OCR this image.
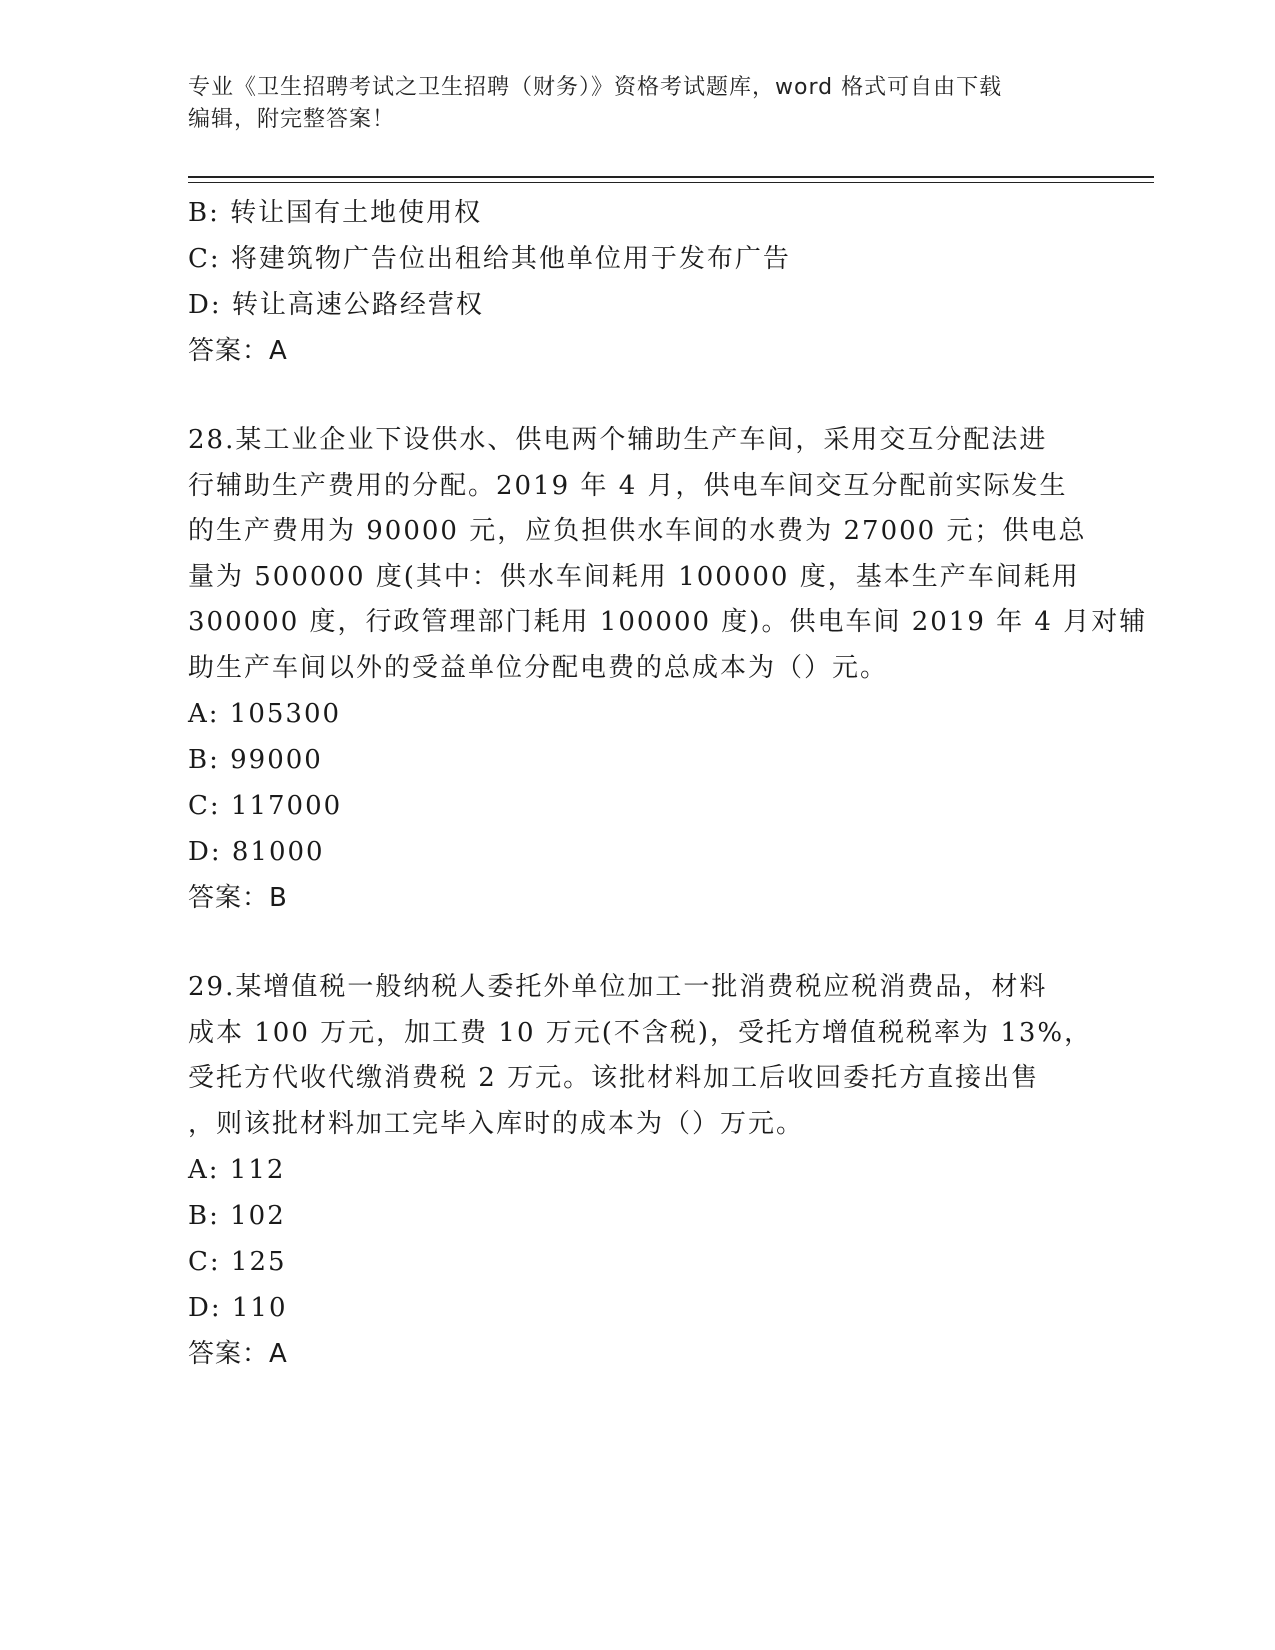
专业《卫生招聘考试之卫生招聘（财务）》资格考试题库，word 格式可自由下载
编辑，附完整答案！
B: 转让国有土地使用权
C: 将建筑物广告位出租给其他单位用于发布广告
D: 转让高速公路经营权
答案：A
28.某工业企业下设供水、供电两个辅助生产车间，采用交互分配法进
行辅助生产费用的分配。2019 年 4 月，供电车间交互分配前实际发生
的生产费用为 90000 元，应负担供水车间的水费为 27000 元；供电总
量为 500000 度(其中：供水车间耗用 100000 度，基本生产车间耗用
300000 度，行政管理部门耗用 100000 度)。供电车间 2019 年 4 月对辅
助生产车间以外的受益单位分配电费的总成本为（）元。
A: 105300
B: 99000
C: 117000
D: 81000
答案：B
29.某增值税一般纳税人委托外单位加工一批消费税应税消费品，材料
成本 100 万元，加工费 10 万元(不含税)，受托方增值税税率为 13%，
受托方代收代缴消费税 2 万元。该批材料加工后收回委托方直接出售
，则该批材料加工完毕入库时的成本为（）万元。
A: 112
B: 102
C: 125
D: 110
答案：A
